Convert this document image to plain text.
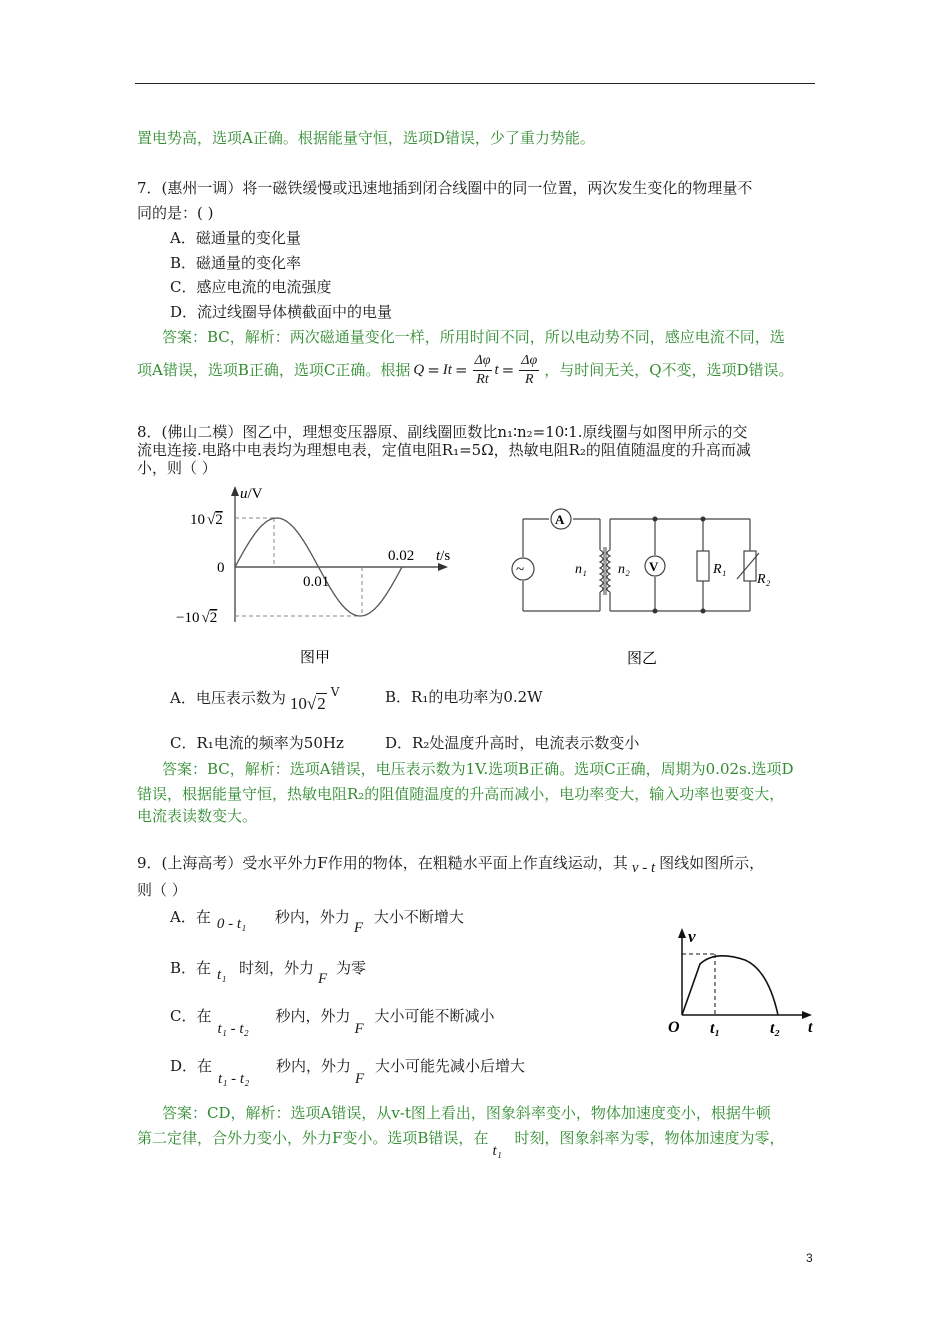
置电势高，选项A正确。根据能量守恒，选项D错误，少了重力势能。
7．(惠州一调）将一磁铁缓慢或迅速地插到闭合线圈中的同一位置，两次发生变化的物理量不
同的是：( )
A．磁通量的变化量
B．磁通量的变化率
C．感应电流的电流强度
D．流过线圈导体横截面中的电量
答案：BC，解析：两次磁通量变化一样，所用时间不同，所以电动势不同，感应电流不同，选
项A错误，选项B正确，选项C正确。根据 $Q = It = \frac{\Delta\varphi}{Rt}$ $t = \frac{\Delta\varphi}{R}$ ，与时间无关，Q不变，选项D错误。
8．(佛山二模）图乙中，理想变压器原、副线圈匝数比n₁∶n₂=10∶1.原线圈与如图甲所示的交
流电连接.电路中电表均为理想电表，定值电阻R₁=5Ω，热敏电阻R₂的阻值随温度的升高而减
小，则（ ）
u/V
t/s
10 √2
0
−10 √2
0.01
0.02
图甲
A
V
~	n₁ n₂	R₁
R₂
图乙
A．电压表示数为 10√2
V	B．R₁的电功率为0.2W
C．R₁电流的频率为50Hz	D．R₂处温度升高时，电流表示数变小
答案：BC，解析：选项A错误，电压表示数为1V.选项B正确。选项C正确，周期为0.02s.选项D
错误，根据能量守恒，热敏电阻R₂的阻值随温度的升高而减小，电功率变大，输入功率也要变大，
电流表读数变大。
9．(上海高考）受水平外力F作用的物体，在粗糙水平面上作直线运动，其 v - t 图线如图所示，
则（ ）
A．在 0 - t₁ 秒内，外力F大小不断增大
B．在 t₁ 时刻，外力F为零
C．在t₁ - t₂秒内，外力F大小可能不断减小
D．在t₁ - t₂秒内，外力F大小可能先减小后增大
v
t
O t₁	t₂
答案：CD，解析：选项A错误，从v-t图上看出，图象斜率变小，物体加速度变小，根据牛顿
第二定律，合外力变小，外力F变小。选项B错误，在t₁时刻，图象斜率为零，物体加速度为零，
3
